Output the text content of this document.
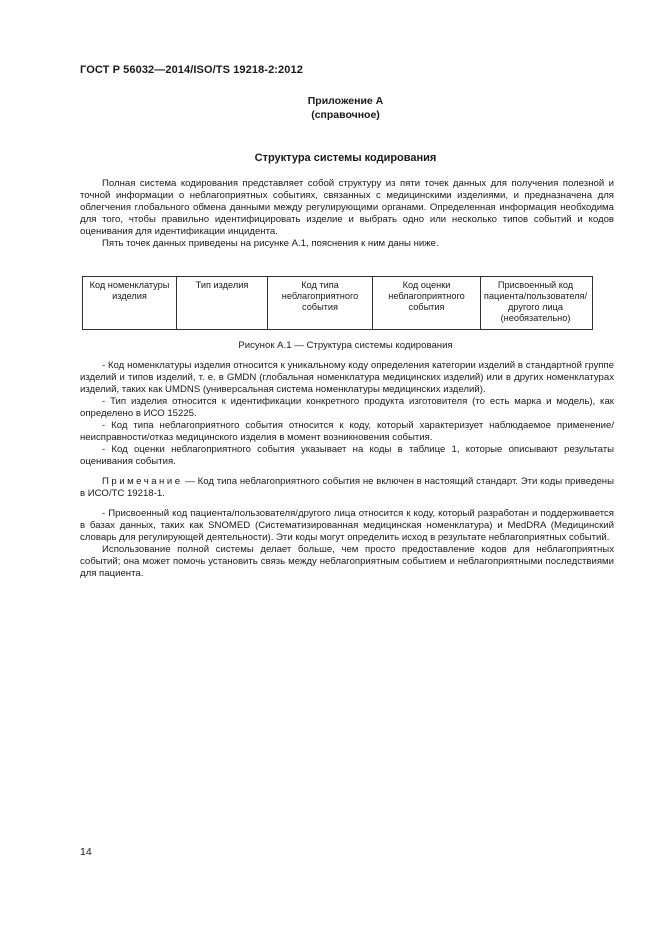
ГОСТ Р 56032—2014/ISO/TS 19218-2:2012
Приложение А
(справочное)
Структура системы кодирования

Полная система кодирования представляет собой структуру из пяти точек данных для получения полезной и точной информации о неблагоприятных событиях, связанных с медицинскими изделиями, и предназначена для облегчения глобального обмена данными между регулирующими органами. Определенная информация необходима для того, чтобы правильно идентифицировать изделие и выбрать одно или несколько типов событий и кодов оценивания для идентификации инцидента.

Пять точек данных приведены на рисунке А.1, пояснения к ним даны ниже.

Код номенклатуры изделия
Тип изделия	Код типа неблагоприятного события
Код оценки неблагоприятного события
Присвоенный код пациента/пользователя/ другого лица (необязательно)
Рисунок А.1 — Структура системы кодирования

- Код номенклатуры изделия относится к уникальному коду определения категории изделий в стандартной группе изделий и типов изделий, т. е. в GMDN (глобальная номенклатура медицинских изделий) или в других номенклатурах изделий, таких как UMDNS (универсальная система номенклатуры медицинских изделий).

- Тип изделия относится к идентификации конкретного продукта изготовителя (то есть марка и модель), как определено в ИСО 15225.

- Код типа неблагоприятного события относится к коду, который характеризует наблюдаемое применение/ неисправности/отказ медицинского изделия в момент возникновения события.

- Код оценки неблагоприятного события указывает на коды в таблице 1, которые описывают результаты оценивания события.

Примечание — Код типа неблагоприятного события не включен в настоящий стандарт. Эти коды приведены в ИСО/ТС 19218-1.

- Присвоенный код пациента/пользователя/другого лица относится к коду, который разработан и поддерживается в базах данных, таких как SNOMED (Систематизированная медицинская номенклатура) и MedDRA (Медицинский словарь для регулирующей деятельности). Эти коды могут определить исход в результате неблагоприятных событий.

Использование полной системы делает больше, чем просто предоставление кодов для неблагоприятных событий; она может помочь установить связь между неблагоприятным событием и неблагоприятными последствиями для пациента.

14
